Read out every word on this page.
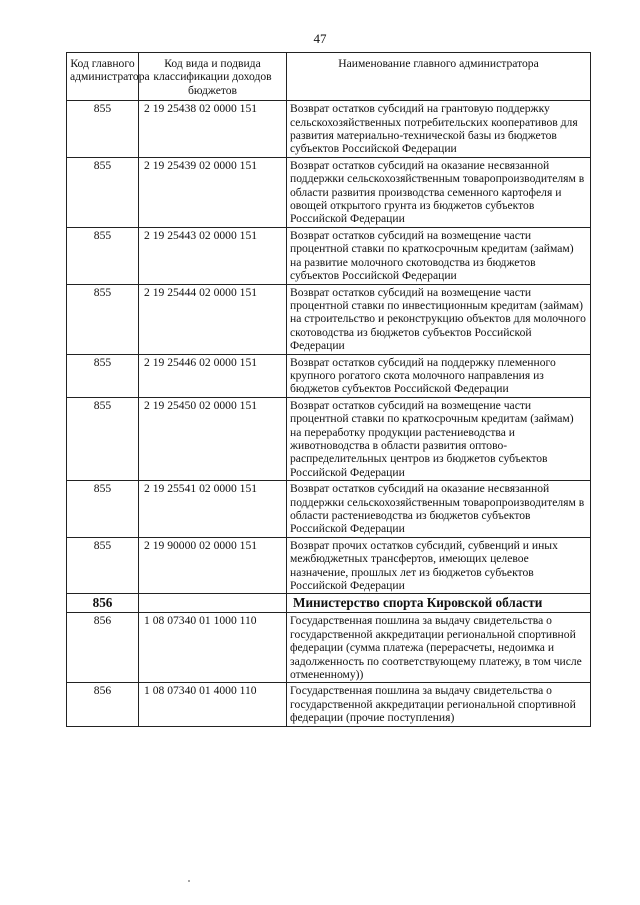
47
Код главного администратора	Код вида и подвида классификации доходов бюджетов	Наименование главного администратора
855	2 19 25438 02 0000 151	Возврат остатков субсидий на грантовую поддержку сельскохозяйственных потребительских кооперативов для развития материально-технической базы из бюджетов субъектов Российской Федерации
855	2 19 25439 02 0000 151	Возврат остатков субсидий на оказание несвязанной поддержки сельскохозяйственным товаропроизводителям в области развития производства семенного картофеля и овощей открытого грунта из бюджетов субъектов Российской Федерации
855	2 19 25443 02 0000 151	Возврат остатков субсидий на возмещение части процентной ставки по краткосрочным кредитам (займам) на развитие молочного скотоводства из бюджетов субъектов Российской Федерации
855	2 19 25444 02 0000 151	Возврат остатков субсидий на возмещение части процентной ставки по инвестиционным кредитам (займам) на строительство и реконструкцию объектов для молочного скотоводства из бюджетов субъектов Российской Федерации
855	2 19 25446 02 0000 151	Возврат остатков субсидий на поддержку племенного крупного рогатого скота молочного направления из бюджетов субъектов Российской Федерации
855	2 19 25450 02 0000 151	Возврат остатков субсидий на возмещение части процентной ставки по краткосрочным кредитам (займам) на переработку продукции растениеводства и животноводства в области развития оптово-распределительных центров из бюджетов субъектов Российской Федерации
855	2 19 25541 02 0000 151	Возврат остатков субсидий на оказание несвязанной поддержки сельскохозяйственным товаропроизводителям в области растениеводства из бюджетов субъектов Российской Федерации
855	2 19 90000 02 0000 151	Возврат прочих остатков субсидий, субвенций и иных межбюджетных трансфертов, имеющих целевое назначение, прошлых лет из бюджетов субъектов Российской Федерации
856		Министерство спорта Кировской области
856	1 08 07340 01 1000 110	Государственная пошлина за выдачу свидетельства о государственной аккредитации региональной спортивной федерации (сумма платежа (перерасчеты, недоимка и задолженность по соответствующему платежу, в том числе отмененному))
856	1 08 07340 01 4000 110	Государственная пошлина за выдачу свидетельства о государственной аккредитации региональной спортивной федерации (прочие поступления)
